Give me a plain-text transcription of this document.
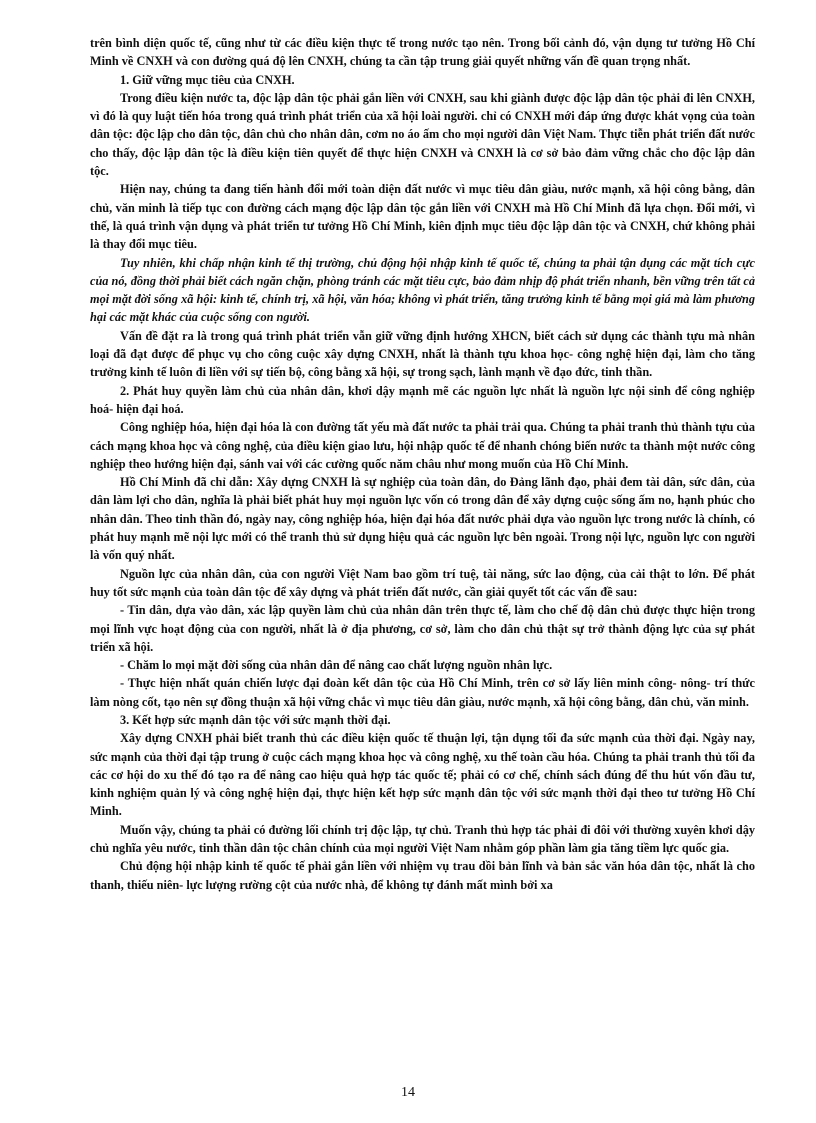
trên bình diện quốc tế, cũng như từ các điều kiện thực tế trong nước tạo nên. Trong bối cảnh đó, vận dụng tư tưởng Hồ Chí Minh về CNXH và con đường quá độ lên CNXH, chúng ta cần tập trung giải quyết những vấn đề quan trọng nhất.

1. Giữ vững mục tiêu của CNXH.

Trong điều kiện nước ta, độc lập dân tộc phải gắn liền với CNXH, sau khi giành được độc lập dân tộc phải đi lên CNXH, vì đó là quy luật tiến hóa trong quá trình phát triển của xã hội loài người. chỉ có CNXH mới đáp ứng được khát vọng của toàn dân tộc: độc lập cho dân tộc, dân chủ cho nhân dân, cơm no áo ấm cho mọi người dân Việt Nam. Thực tiễn phát triển đất nước cho thấy, độc lập dân tộc là điều kiện tiên quyết để thực hiện CNXH và CNXH là cơ sở bảo đảm vững chắc cho độc lập dân tộc.

Hiện nay, chúng ta đang tiến hành đổi mới toàn diện đất nước vì mục tiêu dân giàu, nước mạnh, xã hội công bằng, dân chủ, văn minh là tiếp tục con đường cách mạng độc lập dân tộc gắn liền với CNXH mà Hồ Chí Minh đã lựa chọn. Đổi mới, vì thế, là quá trình vận dụng và phát triển tư tưởng Hồ Chí Minh, kiên định mục tiêu độc lập dân tộc và CNXH, chứ không phải là thay đổi mục tiêu.

Tuy nhiên, khi chấp nhận kinh tế thị trường, chủ động hội nhập kinh tế quốc tế, chúng ta phải tận dụng các mặt tích cực của nó, đồng thời phải biết cách ngăn chặn, phòng tránh các mặt tiêu cực, bảo đảm nhịp độ phát triển nhanh, bền vững trên tất cả mọi mặt đời sống xã hội: kinh tế, chính trị, xã hội, văn hóa; không vì phát triển, tăng trưởng kinh tế bằng mọi giá mà làm phương hại các mặt khác của cuộc sống con người.

Vấn đề đặt ra là trong quá trình phát triển vẫn giữ vững định hướng XHCN, biết cách sử dụng các thành tựu mà nhân loại đã đạt được để phục vụ cho công cuộc xây dựng CNXH, nhất là thành tựu khoa học- công nghệ hiện đại, làm cho tăng trưởng kinh tế luôn đi liền với sự tiến bộ, công bằng xã hội, sự trong sạch, lành mạnh về đạo đức, tinh thần.

2. Phát huy quyền làm chủ của nhân dân, khơi dậy mạnh mẽ các nguồn lực nhất là nguồn lực nội sinh để công nghiệp hoá- hiện đại hoá.

Công nghiệp hóa, hiện đại hóa là con đường tất yếu mà đất nước ta phải trải qua. Chúng ta phải tranh thủ thành tựu của cách mạng khoa học và công nghệ, của điều kiện giao lưu, hội nhập quốc tế để nhanh chóng biến nước ta thành một nước công nghiệp theo hướng hiện đại, sánh vai với các cường quốc năm châu như mong muốn của Hồ Chí Minh.

Hồ Chí Minh đã chỉ dẫn: Xây dựng CNXH là sự nghiệp của toàn dân, do Đảng lãnh đạo, phải đem tài dân, sức dân, của dân làm lợi cho dân, nghĩa là phải biết phát huy mọi nguồn lực vốn có trong dân để xây dựng cuộc sống ấm no, hạnh phúc cho nhân dân. Theo tinh thần đó, ngày nay, công nghiệp hóa, hiện đại hóa đất nước phải dựa vào nguồn lực trong nước là chính, có phát huy mạnh mẽ nội lực mới có thể tranh thủ sử dụng hiệu quả các nguồn lực bên ngoài. Trong nội lực, nguồn lực con người là vốn quý nhất.

Nguồn lực của nhân dân, của con người Việt Nam bao gồm trí tuệ, tài năng, sức lao động, của cải thật to lớn. Để phát huy tốt sức mạnh của toàn dân tộc để xây dựng và phát triển đất nước, cần giải quyết tốt các vấn đề sau:

- Tin dân, dựa vào dân, xác lập quyền làm chủ của nhân dân trên thực tế, làm cho chế độ dân chủ được thực hiện trong mọi lĩnh vực hoạt động của con người, nhất là ở địa phương, cơ sở, làm cho dân chủ thật sự trở thành động lực của sự phát triển xã hội.

- Chăm lo mọi mặt đời sống của nhân dân để nâng cao chất lượng nguồn nhân lực.

- Thực hiện nhất quán chiến lược đại đoàn kết dân tộc của Hồ Chí Minh, trên cơ sở lấy liên minh công- nông- trí thức làm nòng cốt, tạo nên sự đồng thuận xã hội vững chắc vì mục tiêu dân giàu, nước mạnh, xã hội công bằng, dân chủ, văn minh.

3. Kết hợp sức mạnh dân tộc với sức mạnh thời đại.

Xây dựng CNXH phải biết tranh thủ các điều kiện quốc tế thuận lợi, tận dụng tối đa sức mạnh của thời đại. Ngày nay, sức mạnh của thời đại tập trung ở cuộc cách mạng khoa học và công nghệ, xu thế toàn cầu hóa. Chúng ta phải tranh thủ tối đa các cơ hội do xu thế đó tạo ra để nâng cao hiệu quả hợp tác quốc tế; phải có cơ chế, chính sách đúng để thu hút vốn đầu tư, kinh nghiệm quản lý và công nghệ hiện đại, thực hiện kết hợp sức mạnh dân tộc với sức mạnh thời đại theo tư tưởng Hồ Chí Minh.

Muốn vậy, chúng ta phải có đường lối chính trị độc lập, tự chủ. Tranh thủ hợp tác phải đi đôi với thường xuyên khơi dậy chủ nghĩa yêu nước, tinh thần dân tộc chân chính của mọi người Việt Nam nhằm góp phần làm gia tăng tiềm lực quốc gia.

Chủ động hội nhập kinh tế quốc tế phải gắn liền với nhiệm vụ trau dồi bản lĩnh và bản sắc văn hóa dân tộc, nhất là cho thanh, thiếu niên- lực lượng rường cột của nước nhà, để không tự đánh mất mình bởi xa

14
